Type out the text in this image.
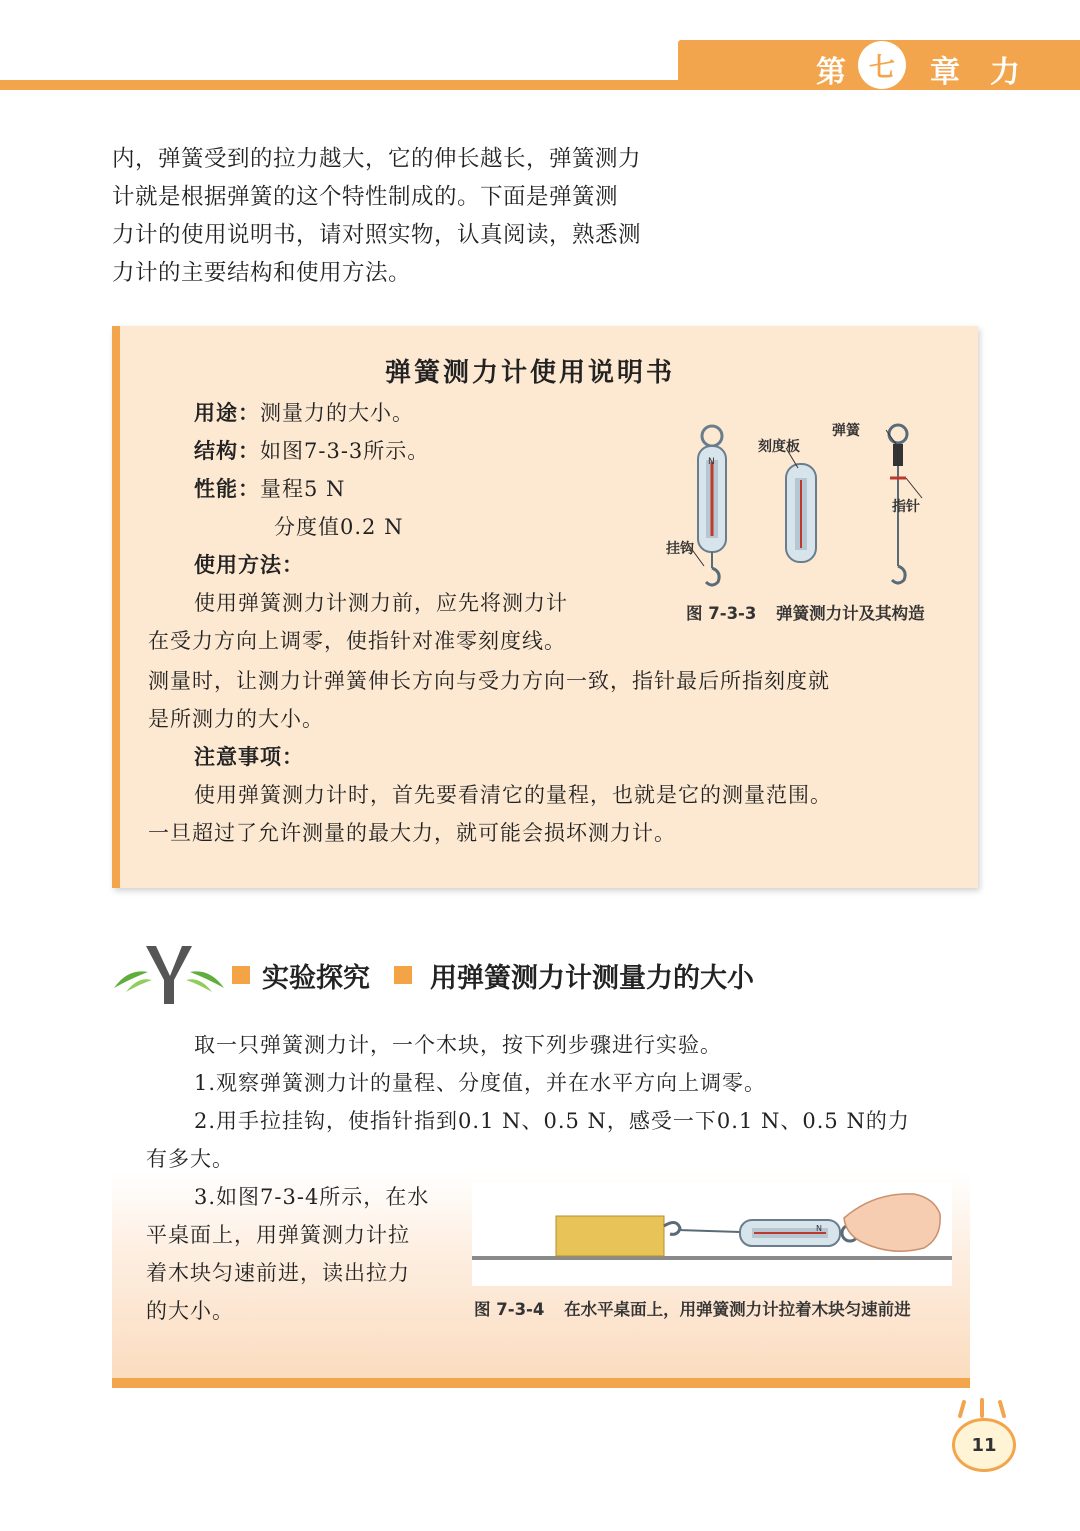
第 七 章 力
内，弹簧受到的拉力越大，它的伸长越长，弹簧测力
计就是根据弹簧的这个特性制成的。下面是弹簧测
力计的使用说明书，请对照实物，认真阅读，熟悉测
力计的主要结构和使用方法。
弹簧测力计使用说明书
用途：测量力的大小。
结构：如图7-3-3所示。
性能：量程5 N
分度值0.2 N
使用方法：
使用弹簧测力计测力前，应先将测力计
在受力方向上调零，使指针对准零刻度线。
测量时，让测力计弹簧伸长方向与受力方向一致，指针最后所指刻度就
是所测力的大小。
注意事项：
使用弹簧测力计时，首先要看清它的量程，也就是它的测量范围。
一旦超过了允许测量的最大力，就可能会损坏测力计。
N
弹簧
刻度板
指针
挂钩
图 7-3-3 弹簧测力计及其构造
实验探究 用弹簧测力计测量力的大小
取一只弹簧测力计，一个木块，按下列步骤进行实验。
1.观察弹簧测力计的量程、分度值，并在水平方向上调零。
2.用手拉挂钩，使指针指到0.1 N、0.5 N，感受一下0.1 N、0.5 N的力
有多大。
3.如图7-3-4所示，在水
平桌面上，用弹簧测力计拉
着木块匀速前进，读出拉力
的大小。
N
图 7-3-4 在水平桌面上，用弹簧测力计拉着木块匀速前进
11
